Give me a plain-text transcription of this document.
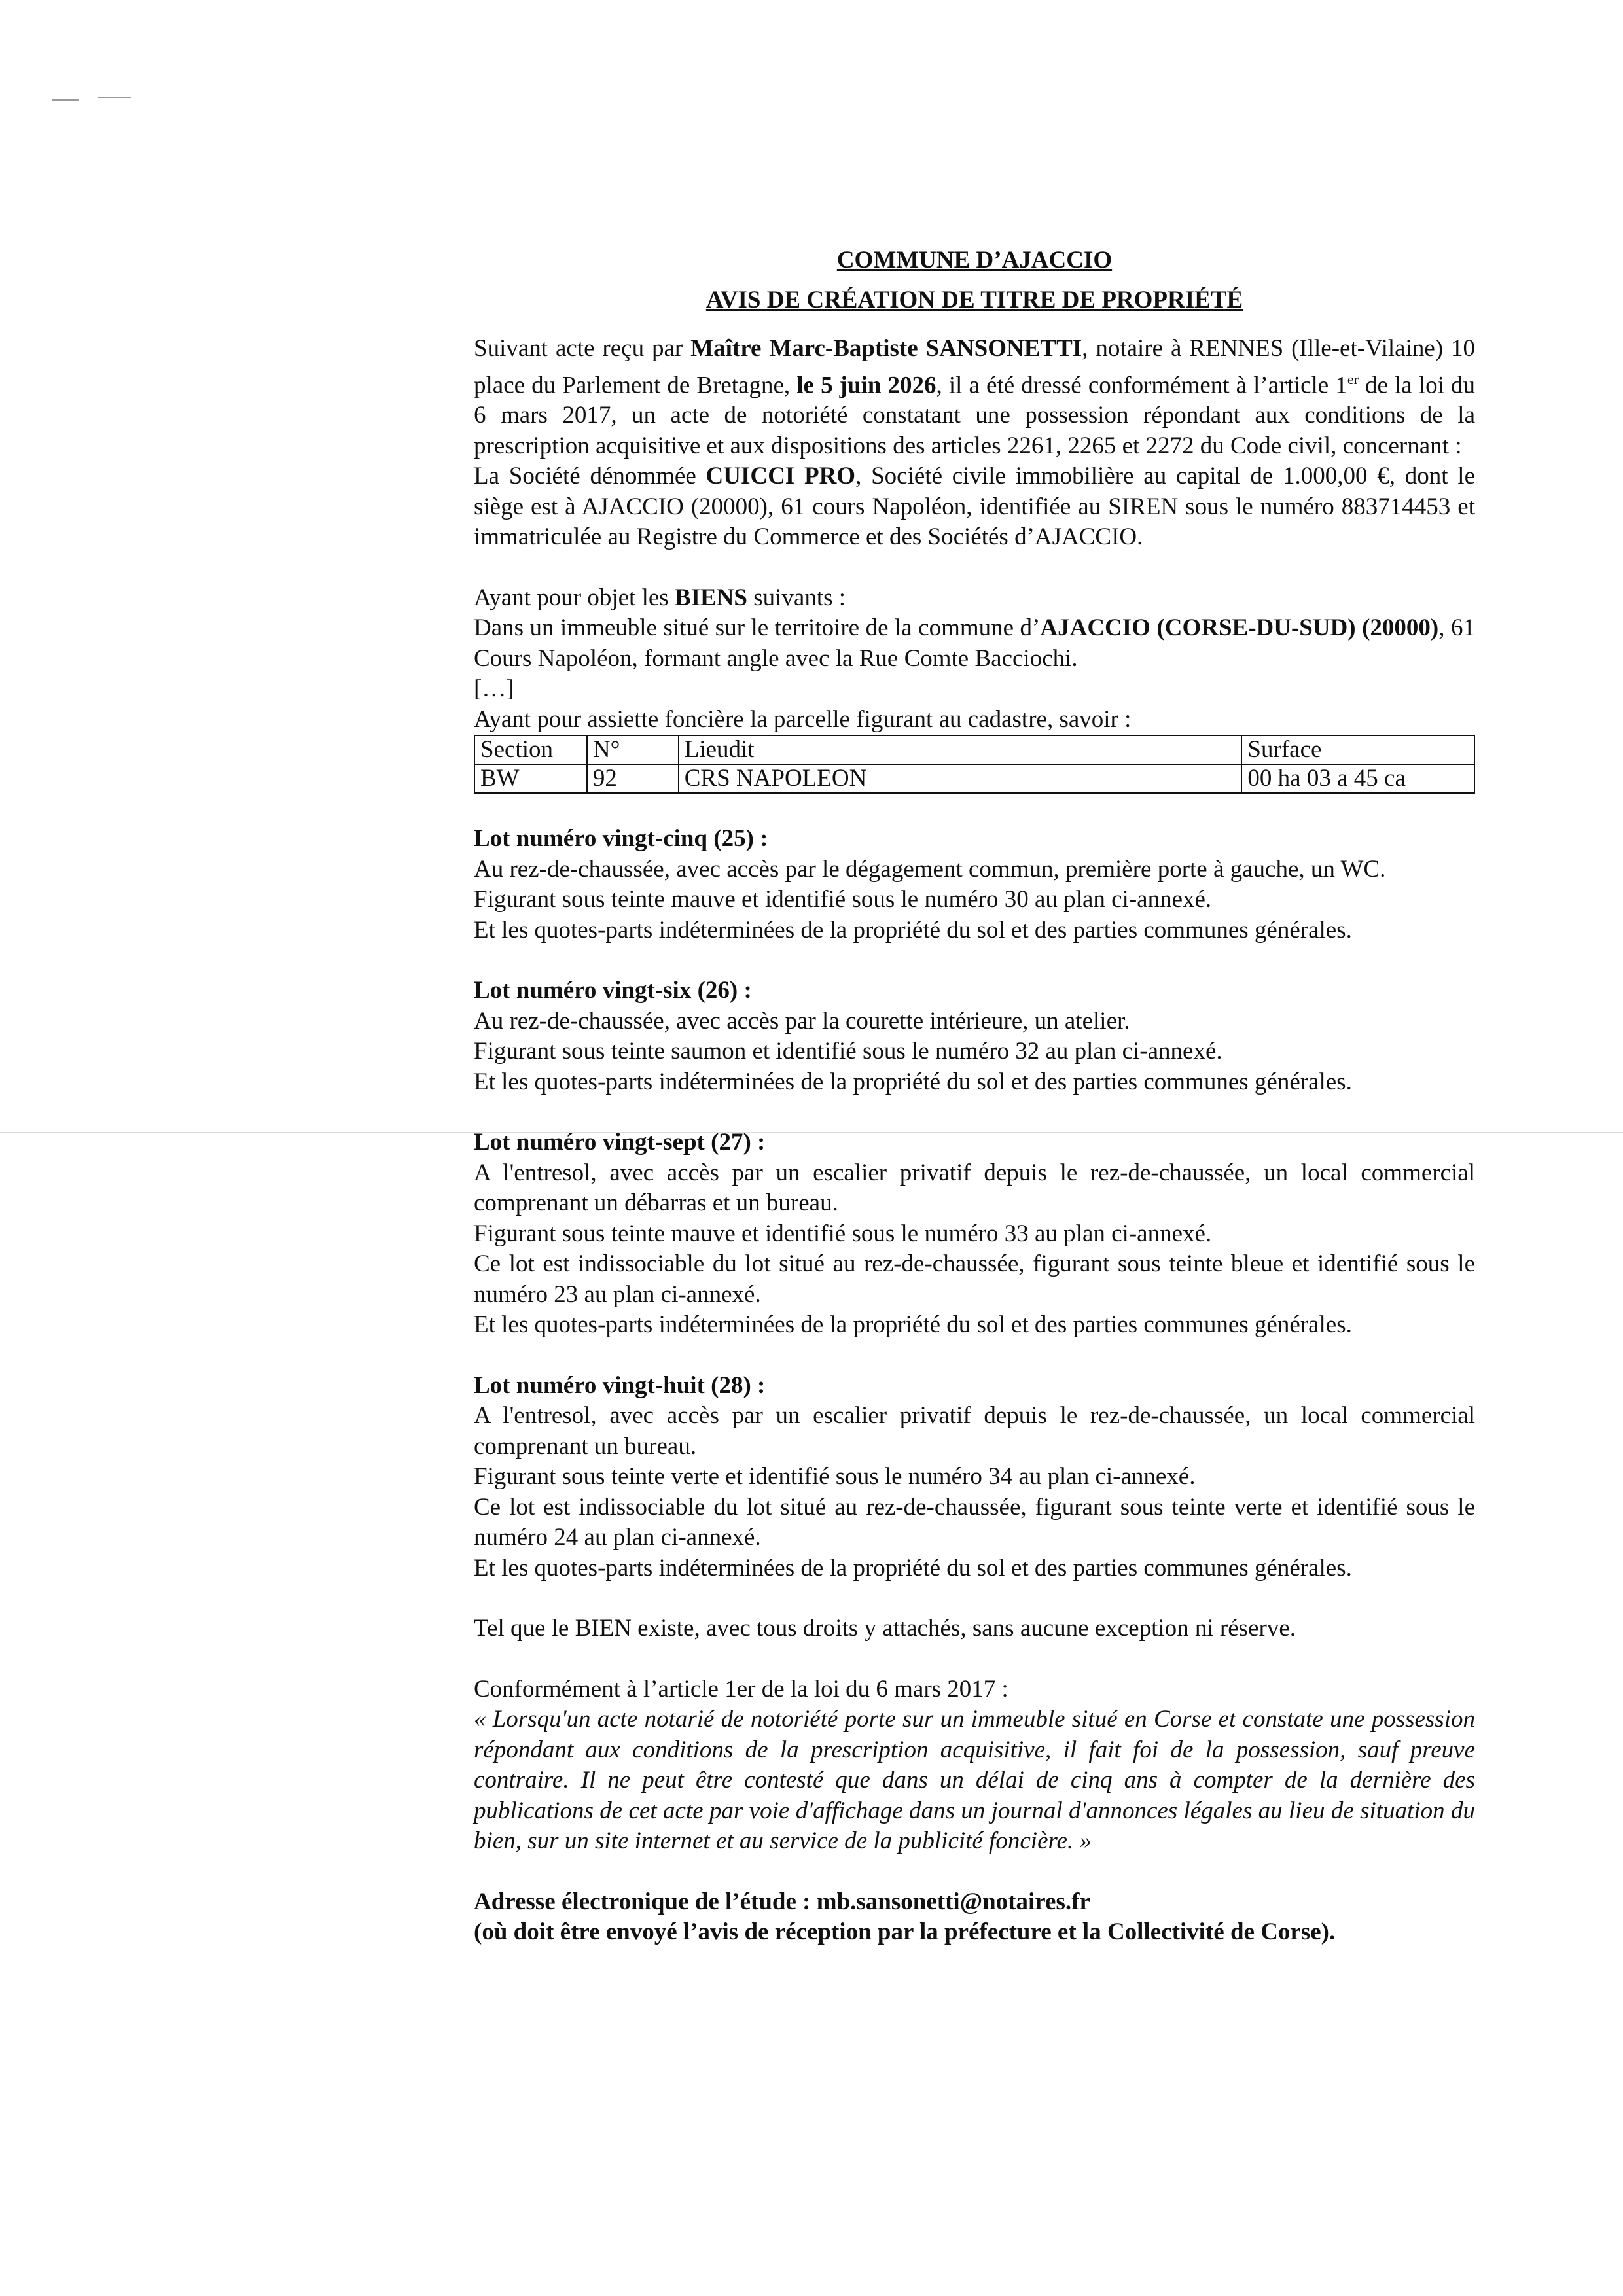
COMMUNE D’AJACCIO

AVIS DE CRÉATION DE TITRE DE PROPRIÉTÉ

Suivant acte reçu par Maître Marc-Baptiste SANSONETTI, notaire à RENNES (Ille-et-Vilaine) 10 place du Parlement de Bretagne, le 5 juin 2026, il a été dressé conformément à l’article 1er de la loi du 6 mars 2017, un acte de notoriété constatant une possession répondant aux conditions de la prescription acquisitive et aux dispositions des articles 2261, 2265 et 2272 du Code civil, concernant :

La Société dénommée CUICCI PRO, Société civile immobilière au capital de 1.000,00 €, dont le siège est à AJACCIO (20000), 61 cours Napoléon, identifiée au SIREN sous le numéro 883714453 et immatriculée au Registre du Commerce et des Sociétés d’AJACCIO.

Ayant pour objet les BIENS suivants :

Dans un immeuble situé sur le territoire de la commune d’AJACCIO (CORSE-DU-SUD) (20000), 61 Cours Napoléon, formant angle avec la Rue Comte Bacciochi.

[…]

Ayant pour assiette foncière la parcelle figurant au cadastre, savoir :

Section	N°	Lieudit	Surface
BW	92	CRS NAPOLEON	00 ha 03 a 45 ca

Lot numéro vingt-cinq (25) :

Au rez-de-chaussée, avec accès par le dégagement commun, première porte à gauche, un WC.

Figurant sous teinte mauve et identifié sous le numéro 30 au plan ci-annexé.

Et les quotes-parts indéterminées de la propriété du sol et des parties communes générales.

Lot numéro vingt-six (26) :

Au rez-de-chaussée, avec accès par la courette intérieure, un atelier.

Figurant sous teinte saumon et identifié sous le numéro 32 au plan ci-annexé.

Et les quotes-parts indéterminées de la propriété du sol et des parties communes générales.

Lot numéro vingt-sept (27) :

A l'entresol, avec accès par un escalier privatif depuis le rez-de-chaussée, un local commercial comprenant un débarras et un bureau.

Figurant sous teinte mauve et identifié sous le numéro 33 au plan ci-annexé.

Ce lot est indissociable du lot situé au rez-de-chaussée, figurant sous teinte bleue et identifié sous le numéro 23 au plan ci-annexé.

Et les quotes-parts indéterminées de la propriété du sol et des parties communes générales.

Lot numéro vingt-huit (28) :

A l'entresol, avec accès par un escalier privatif depuis le rez-de-chaussée, un local commercial comprenant un bureau.

Figurant sous teinte verte et identifié sous le numéro 34 au plan ci-annexé.

Ce lot est indissociable du lot situé au rez-de-chaussée, figurant sous teinte verte et identifié sous le numéro 24 au plan ci-annexé.

Et les quotes-parts indéterminées de la propriété du sol et des parties communes générales.

Tel que le BIEN existe, avec tous droits y attachés, sans aucune exception ni réserve.

Conformément à l’article 1er de la loi du 6 mars 2017 :

« Lorsqu'un acte notarié de notoriété porte sur un immeuble situé en Corse et constate une possession répondant aux conditions de la prescription acquisitive, il fait foi de la possession, sauf preuve contraire. Il ne peut être contesté que dans un délai de cinq ans à compter de la dernière des publications de cet acte par voie d'affichage dans un journal d'annonces légales au lieu de situation du bien, sur un site internet et au service de la publicité foncière. »

Adresse électronique de l’étude : mb.sansonetti@notaires.fr

(où doit être envoyé l’avis de réception par la préfecture et la Collectivité de Corse).
